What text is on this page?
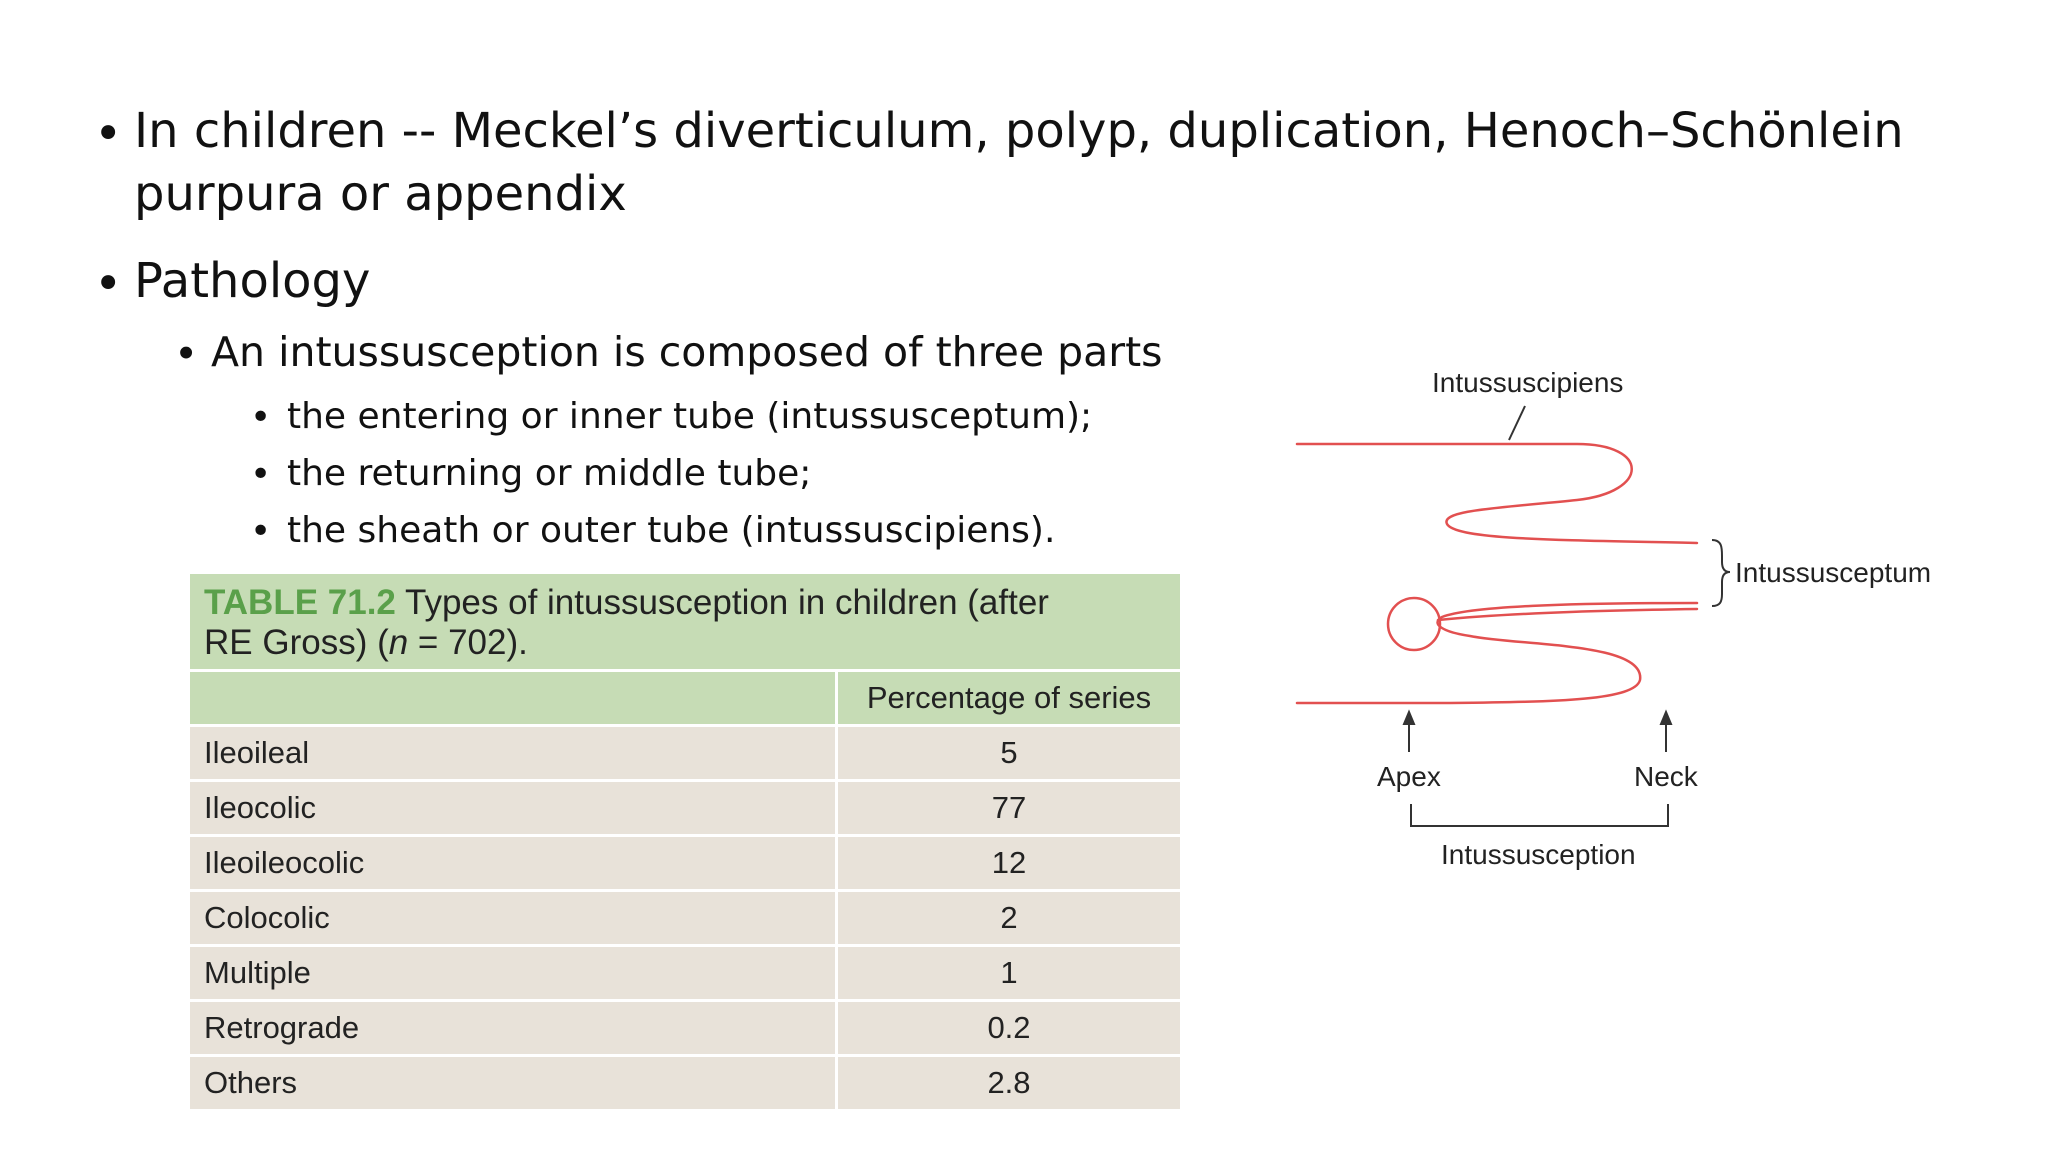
• In children -- Meckel’s diverticulum, polyp, duplication, Henoch–Schönlein
purpura or appendix
• Pathology
• An intussusception is composed of three parts
• the entering or inner tube (intussusceptum);
• the returning or middle tube;
• the sheath or outer tube (intussuscipiens).
TABLE 71.2 Types of intussusception in children (after
RE Gross) (n = 702).
Percentage of series
Ileoileal	5
Ileocolic	77
Ileoileocolic	12
Colocolic	2
Multiple	1
Retrograde	0.2
Others	2.8
Intussuscipiens
Intussusceptum
Apex	Neck
Intussusception
